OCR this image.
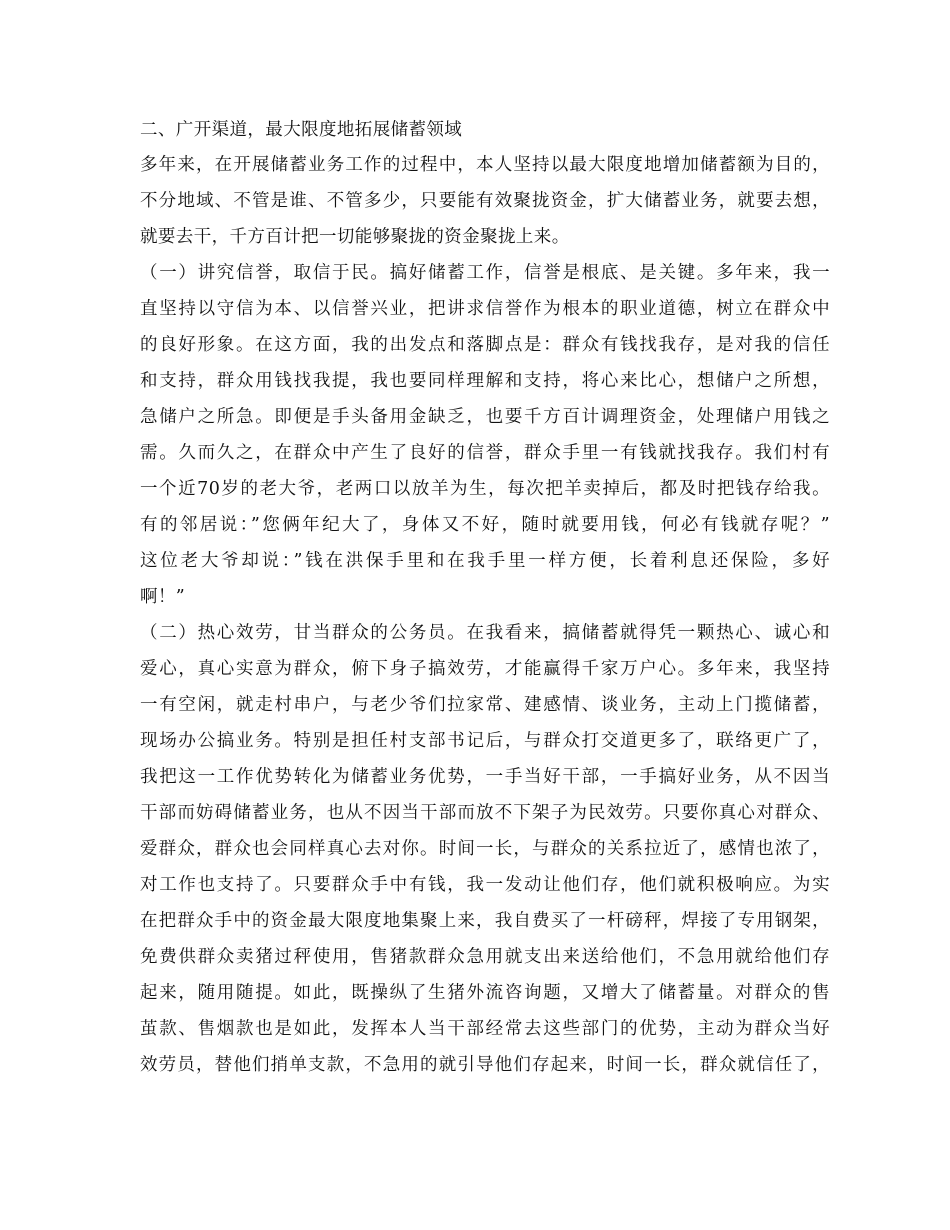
二、广开渠道，最大限度地拓展储蓄领域
多年来，在开展储蓄业务工作的过程中，本人坚持以最大限度地增加储蓄额为目的，
不分地域、不管是谁、不管多少，只要能有效聚拢资金，扩大储蓄业务，就要去想，
就要去干，千方百计把一切能够聚拢的资金聚拢上来。
（一）讲究信誉，取信于民。搞好储蓄工作，信誉是根底、是关键。多年来，我一
直坚持以守信为本、以信誉兴业，把讲求信誉作为根本的职业道德，树立在群众中
的良好形象。在这方面，我的出发点和落脚点是：群众有钱找我存，是对我的信任
和支持，群众用钱找我提，我也要同样理解和支持，将心来比心，想储户之所想，
急储户之所急。即便是手头备用金缺乏，也要千方百计调理资金，处理储户用钱之
需。久而久之，在群众中产生了良好的信誉，群众手里一有钱就找我存。我们村有
一个近70岁的老大爷，老两口以放羊为生，每次把羊卖掉后，都及时把钱存给我。
有的邻居说：”您俩年纪大了，身体又不好，随时就要用钱，何必有钱就存呢？”
这位老大爷却说：”钱在洪保手里和在我手里一样方便，长着利息还保险，多好
啊！”
（二）热心效劳，甘当群众的公务员。在我看来，搞储蓄就得凭一颗热心、诚心和
爱心，真心实意为群众，俯下身子搞效劳，才能赢得千家万户心。多年来，我坚持
一有空闲，就走村串户，与老少爷们拉家常、建感情、谈业务，主动上门揽储蓄，
现场办公搞业务。特别是担任村支部书记后，与群众打交道更多了，联络更广了，
我把这一工作优势转化为储蓄业务优势，一手当好干部，一手搞好业务，从不因当
干部而妨碍储蓄业务，也从不因当干部而放不下架子为民效劳。只要你真心对群众、
爱群众，群众也会同样真心去对你。时间一长，与群众的关系拉近了，感情也浓了，
对工作也支持了。只要群众手中有钱，我一发动让他们存，他们就积极响应。为实
在把群众手中的资金最大限度地集聚上来，我自费买了一杆磅秤，焊接了专用钢架，
免费供群众卖猪过秤使用，售猪款群众急用就支出来送给他们，不急用就给他们存
起来，随用随提。如此，既操纵了生猪外流咨询题，又增大了储蓄量。对群众的售
茧款、售烟款也是如此，发挥本人当干部经常去这些部门的优势，主动为群众当好
效劳员，替他们捎单支款，不急用的就引导他们存起来，时间一长，群众就信任了，
